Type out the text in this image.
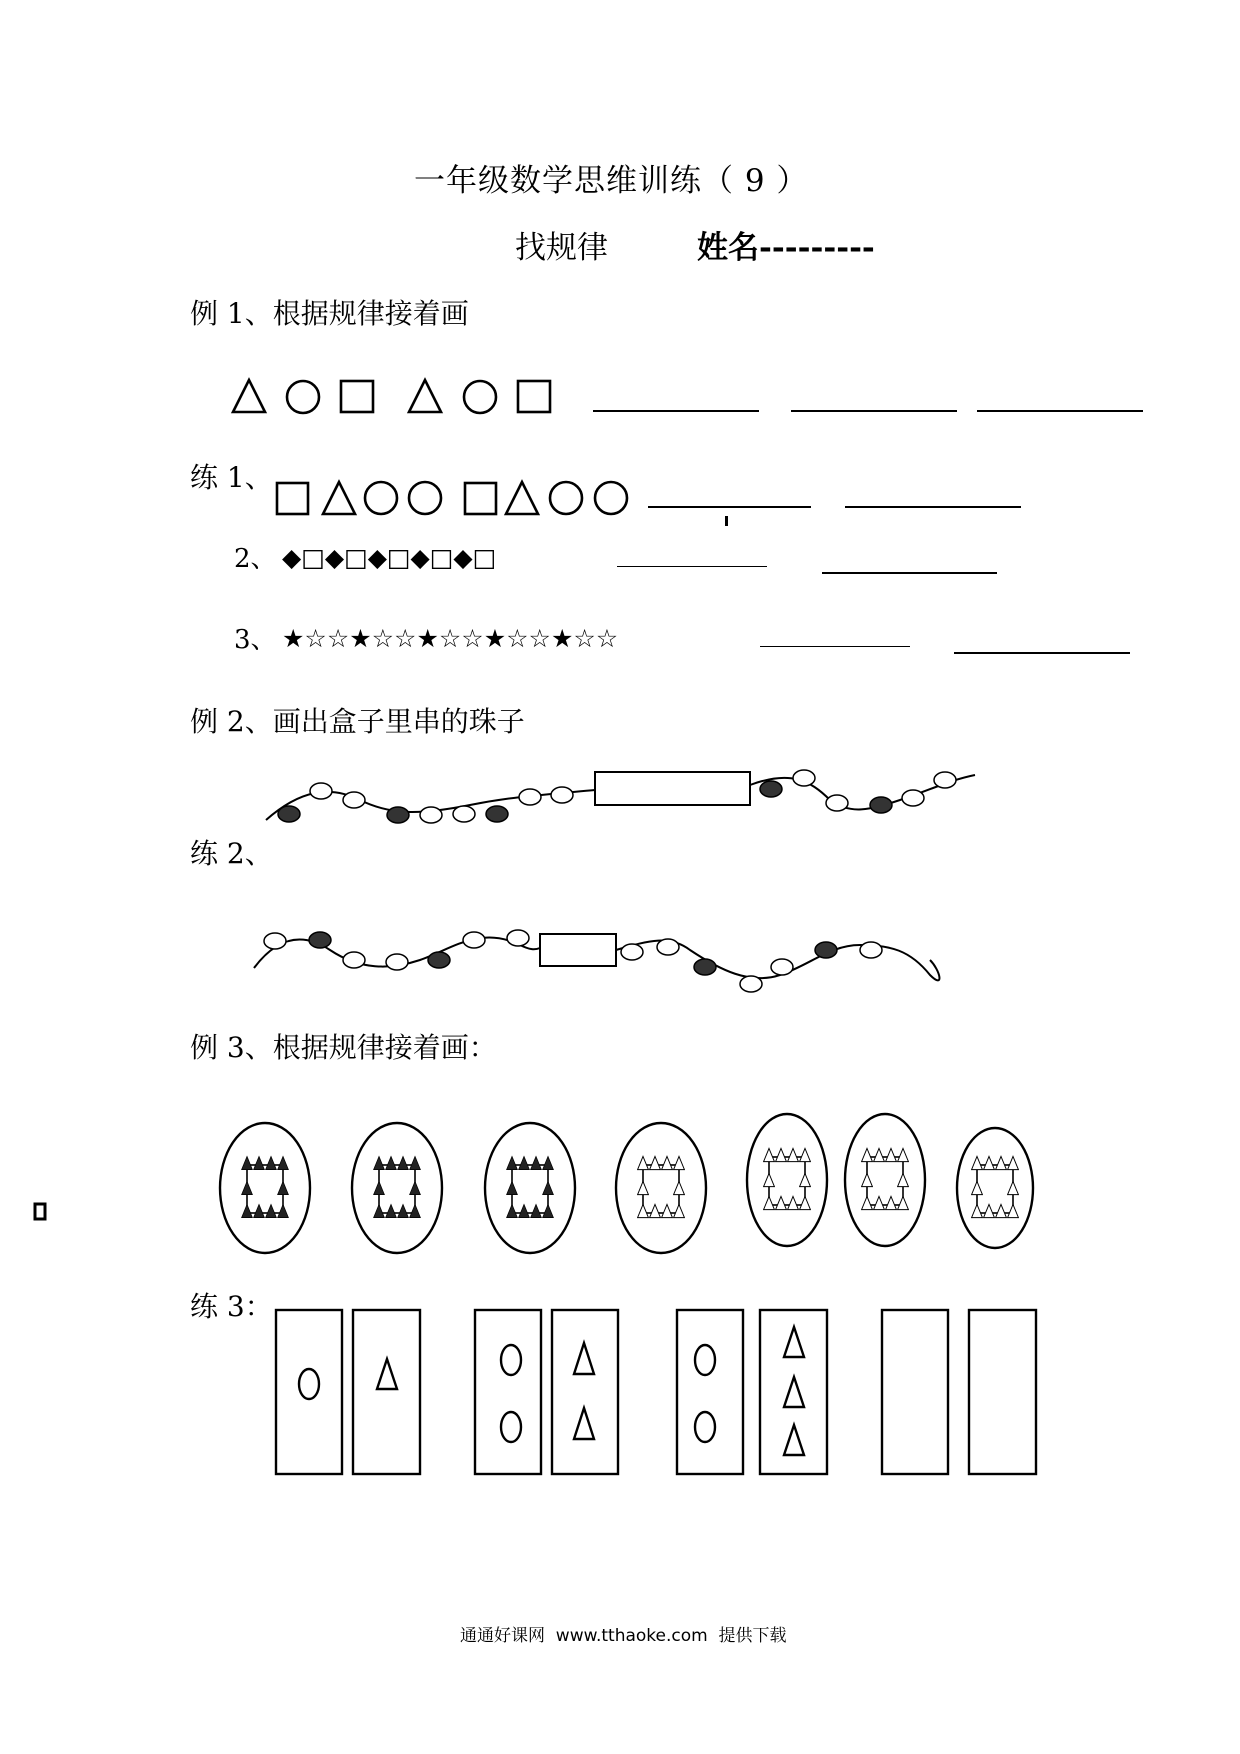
一年级数学思维训练（ 9 ）
找规律	姓名---------
例 1、根据规律接着画
练 1、
2、 ◆□◆□◆□◆□◆□
3、 ★☆☆★☆☆★☆☆★☆☆★☆☆
例 2、画出盒子里串的珠子
练 2、
例 3、根据规律接着画：
练 3：
通通好课网  www.tthaoke.com  提供下载
